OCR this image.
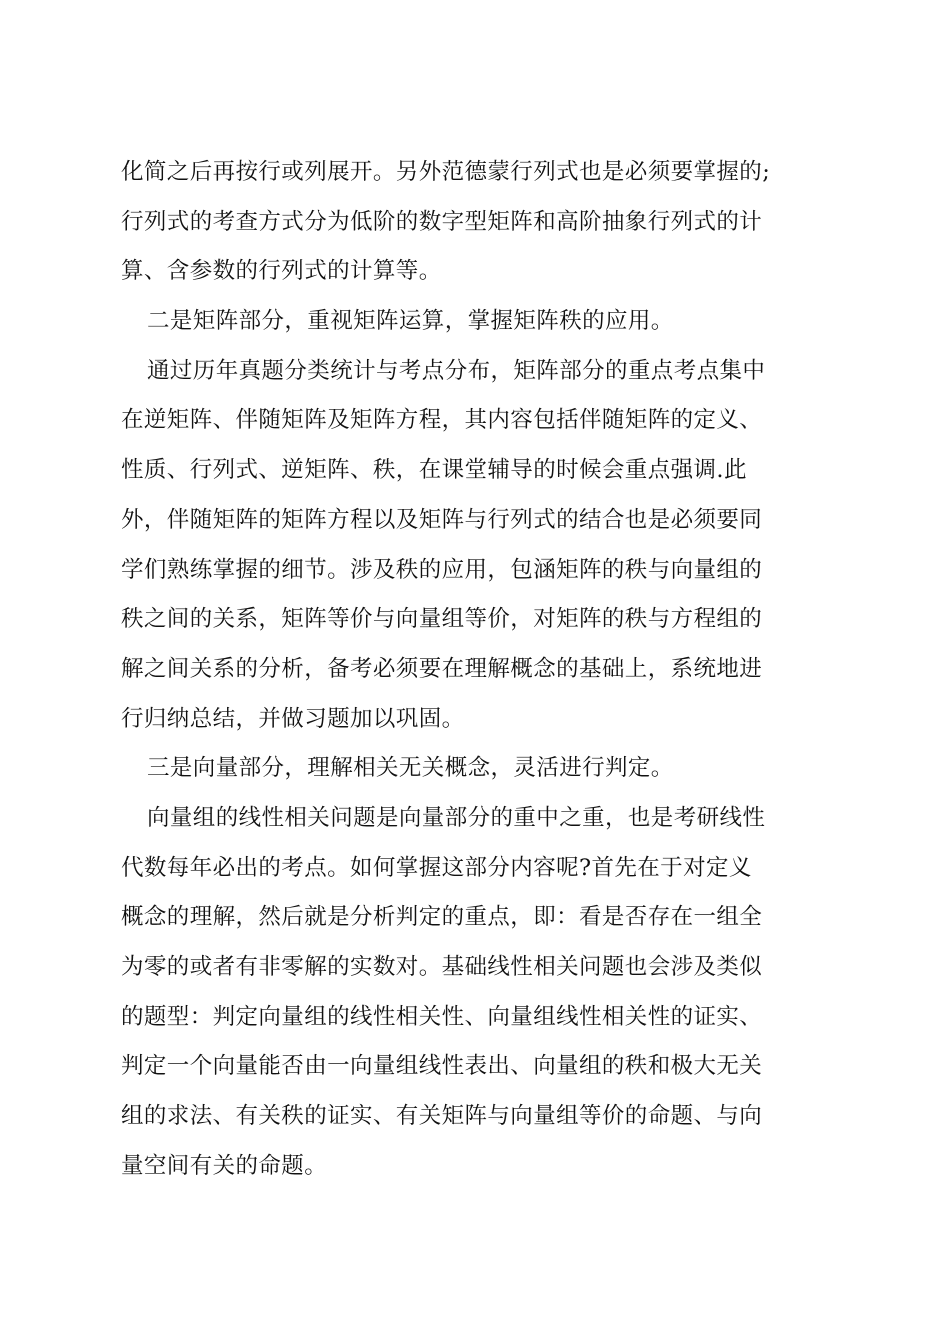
化简之后再按行或列展开。另外范德蒙行列式也是必须要掌握的;
行列式的考查方式分为低阶的数字型矩阵和高阶抽象行列式的计
算、含参数的行列式的计算等。
二是矩阵部分，重视矩阵运算，掌握矩阵秩的应用。
通过历年真题分类统计与考点分布，矩阵部分的重点考点集中
在逆矩阵、伴随矩阵及矩阵方程，其内容包括伴随矩阵的定义、
性质、行列式、逆矩阵、秩，在课堂辅导的时候会重点强调.此
外，伴随矩阵的矩阵方程以及矩阵与行列式的结合也是必须要同
学们熟练掌握的细节。涉及秩的应用，包涵矩阵的秩与向量组的
秩之间的关系，矩阵等价与向量组等价，对矩阵的秩与方程组的
解之间关系的分析，备考必须要在理解概念的基础上，系统地进
行归纳总结，并做习题加以巩固。
三是向量部分，理解相关无关概念，灵活进行判定。
向量组的线性相关问题是向量部分的重中之重，也是考研线性
代数每年必出的考点。如何掌握这部分内容呢?首先在于对定义
概念的理解，然后就是分析判定的重点，即：看是否存在一组全
为零的或者有非零解的实数对。基础线性相关问题也会涉及类似
的题型：判定向量组的线性相关性、向量组线性相关性的证实、
判定一个向量能否由一向量组线性表出、向量组的秩和极大无关
组的求法、有关秩的证实、有关矩阵与向量组等价的命题、与向
量空间有关的命题。
